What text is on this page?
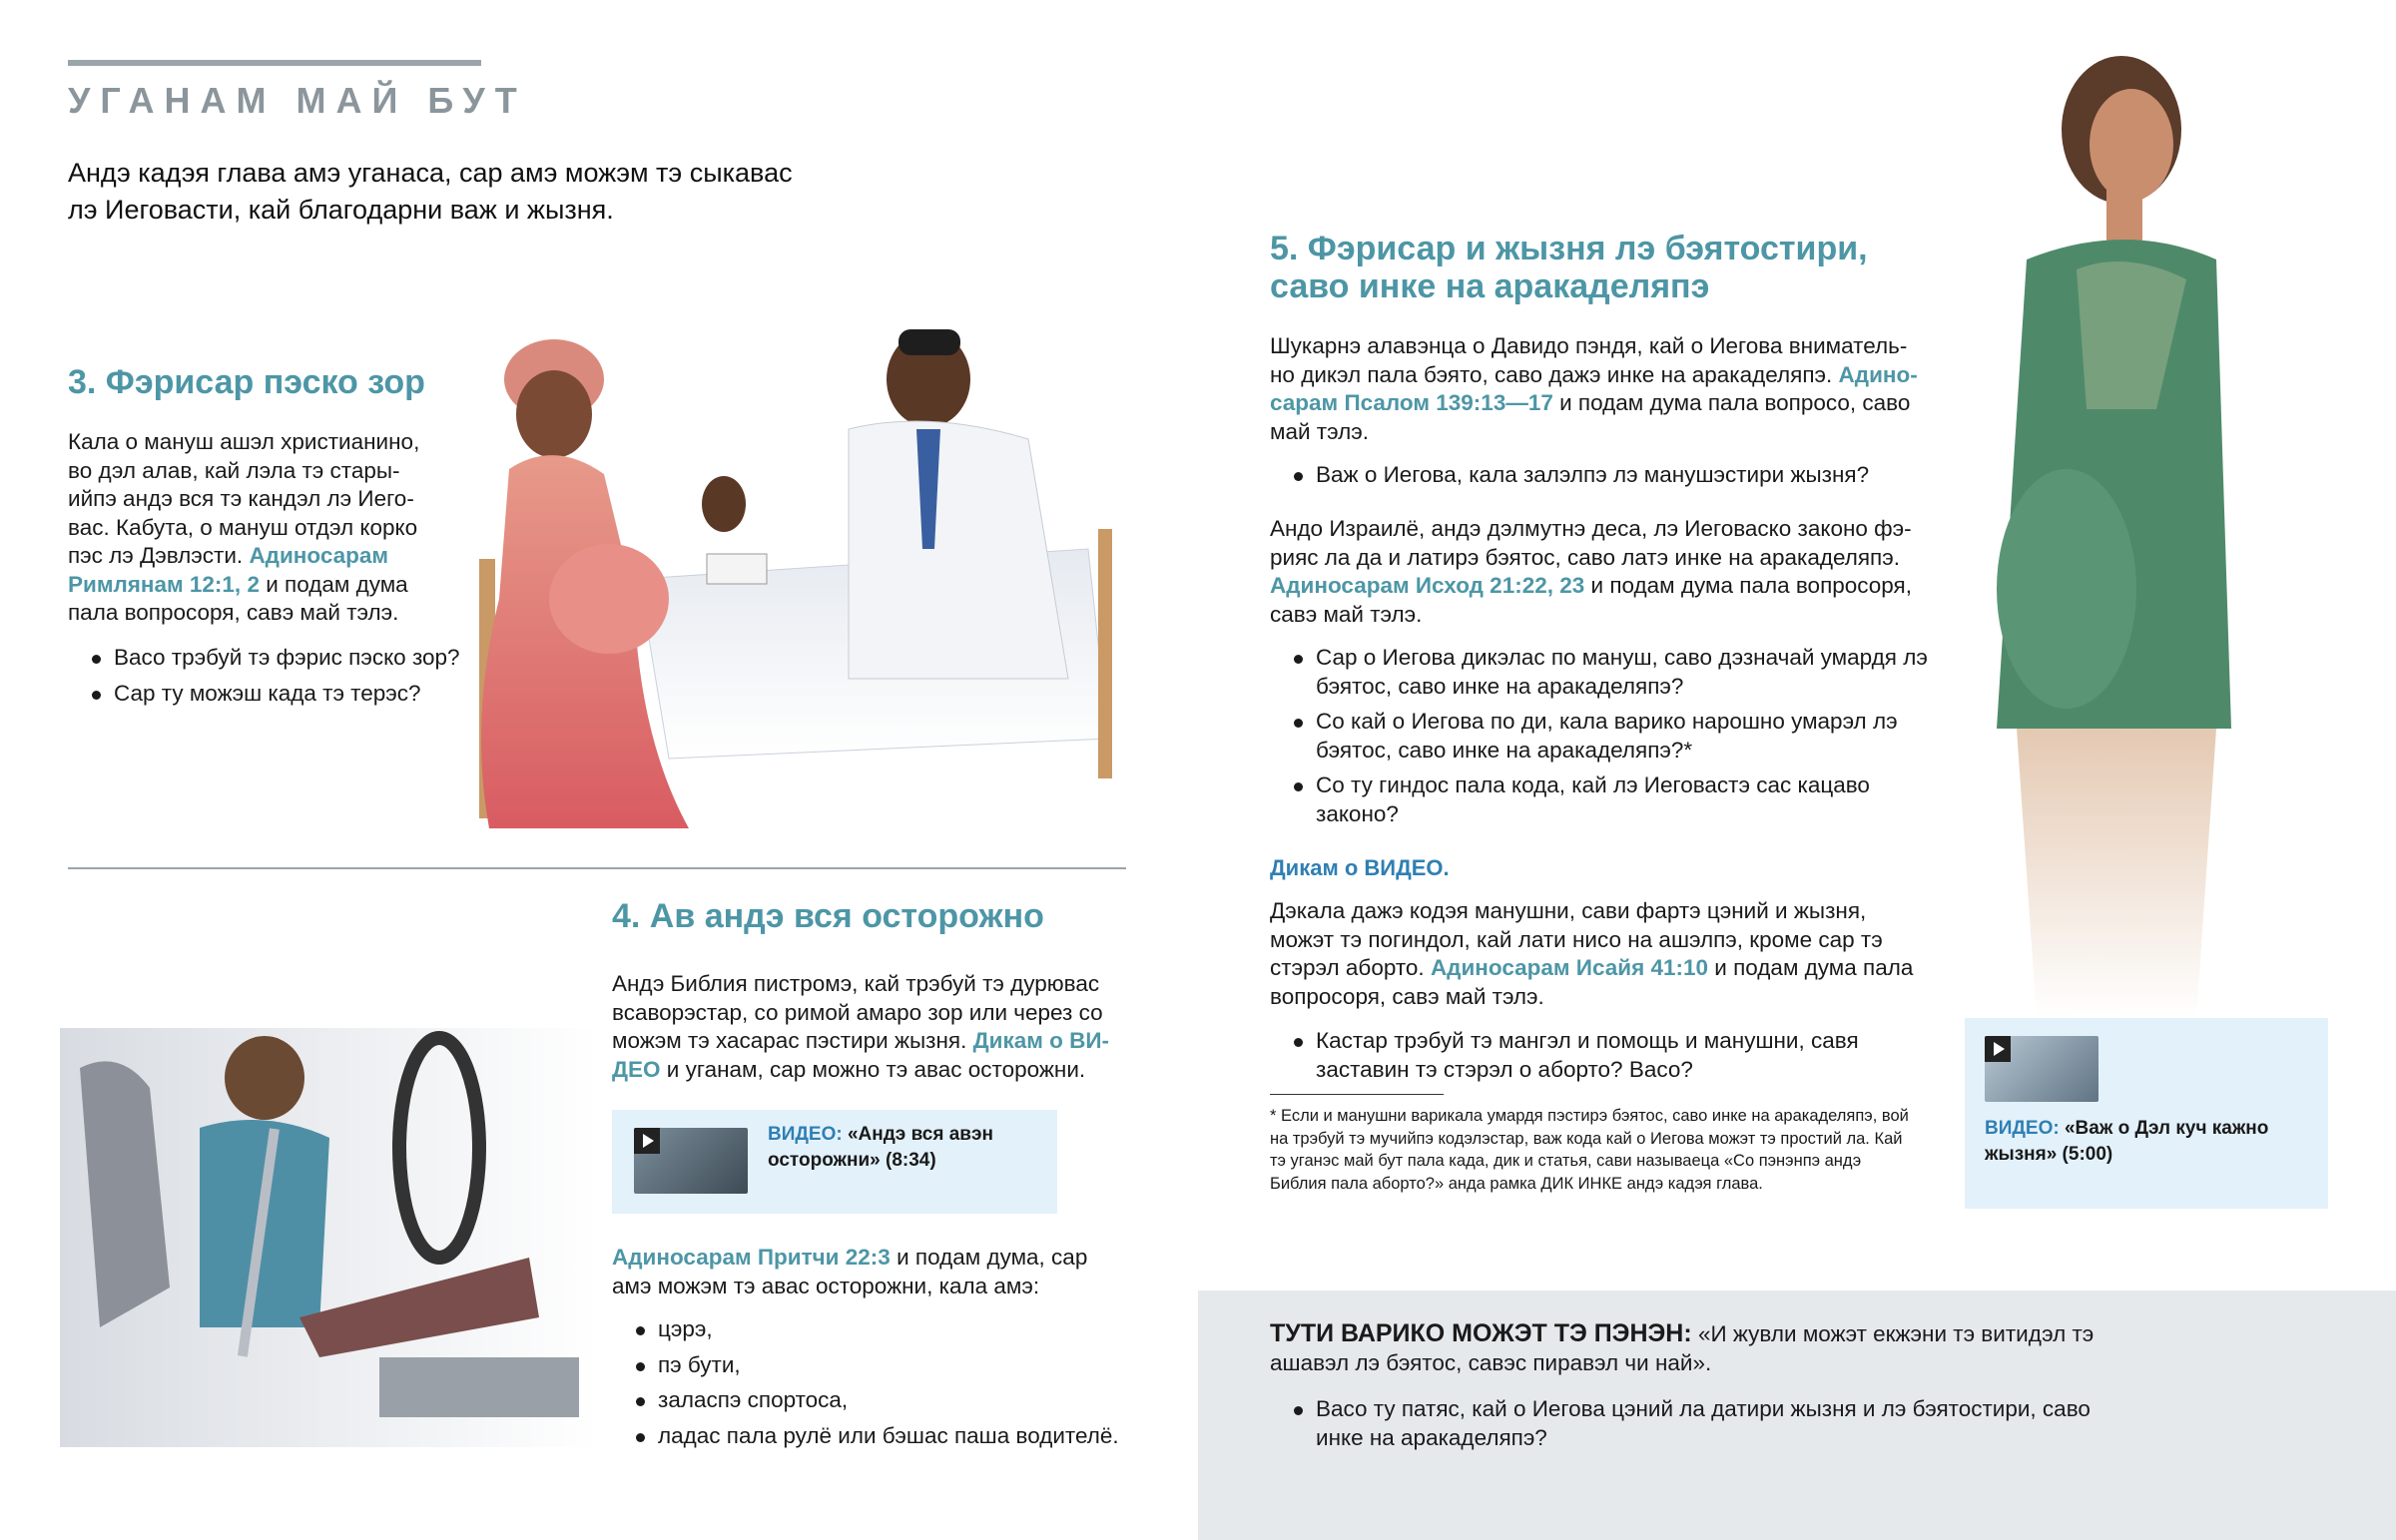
УГАНАМ МАЙ БУТ
Андэ кадэя глава амэ уганаса, сар амэ можэм тэ сыкавас лэ Иеговасти, кай благодарни важ и жызня.
3. Фэрисар пэско зор
Кала о мануш ашэл христианино,
во дэл алав, кай лэла тэ стары-
ийпэ андэ вся тэ кандэл лэ Иего-
вас. Кабута, о мануш отдэл корко
пэс лэ Дэвлэсти. Адиносарам
Римлянам 12:1, 2 и подам дума
пала вопросоря, савэ май тэлэ.
Васо трэбуй тэ фэрис пэско зор?
Сар ту можэш када тэ терэс?
4. Ав андэ вся осторожно
Андэ Библия пистромэ, кай трэбуй тэ дурювас
всаворэстар, со римой амаро зор или через со
можэм тэ хасарас пэстири жызня. Дикам о ВИ-
ДЕО и уганам, сар можно тэ авас осторожни.
ВИДЕО: «Андэ вся авэн осторожни» (8:34)
Адиносарам Притчи 22:3 и подам дума, сар
амэ можэм тэ авас осторожни, кала амэ:
цэрэ,
пэ бути,
заласпэ спортоса,
ладас пала рулё или бэшас паша водителё.
5. Фэрисар и жызня лэ бэятостири,
саво инке на аракаделяпэ
Шукарнэ алавэнца о Давидо пэндя, кай о Иегова вниматель-
но дикэл пала бэято, саво дажэ инке на аракаделяпэ. Адино-
сарам Псалом 139:13—17 и подам дума пала вопросо, саво
май тэлэ.
Важ о Иегова, кала залэлпэ лэ манушэстири жызня?
Андо Израилё, андэ дэлмутнэ деса, лэ Иеговаско законо фэ-
рияс ла да и латирэ бэятос, саво латэ инке на аракаделяпэ.
Адиносарам Исход 21:22, 23 и подам дума пала вопросоря,
савэ май тэлэ.
Сар о Иегова дикэлас по мануш, саво дэзначай умардя лэ бэятос, саво инке на аракаделяпэ?
Со кай о Иегова по ди, кала варико нарошно умарэл лэ бэятос, саво инке на аракаделяпэ?*
Со ту гиндос пала кода, кай лэ Иеговастэ сас кацаво законо?
Дикам о ВИДЕО.
Дэкала дажэ кодэя манушни, сави фартэ цэний и жызня,
можэт тэ погиндол, кай лати нисо на ашэлпэ, кроме сар тэ
стэрэл аборто. Адиносарам Исайя 41:10 и подам дума пала
вопросоря, савэ май тэлэ.
Кастар трэбуй тэ мангэл и помощь и манушни, савя заставин тэ стэрэл о аборто? Васо?
* Если и манушни варикала умардя пэстирэ бэятос, саво инке на аракаделяпэ, вой на трэбуй тэ мучийпэ кодэлэстар, важ кода кай о Иегова можэт тэ простий ла. Кай тэ уганэс май бут пала када, дик и статья, сави называеца «Со пэнэнпэ андэ Библия пала аборто?» анда рамка ДИК ИНКЕ андэ кадэя глава.
ВИДЕО: «Важ о Дэл куч кажно жызня» (5:00)
ТУТИ ВАРИКО МОЖЭТ ТЭ ПЭНЭН: «И жувли можэт екжэни тэ витидэл тэ ашавэл лэ бэятос, савэс пиравэл чи най».
Васо ту патяс, кай о Иегова цэний ла датири жызня и лэ бэятостири, саво инке на аракаделяпэ?
